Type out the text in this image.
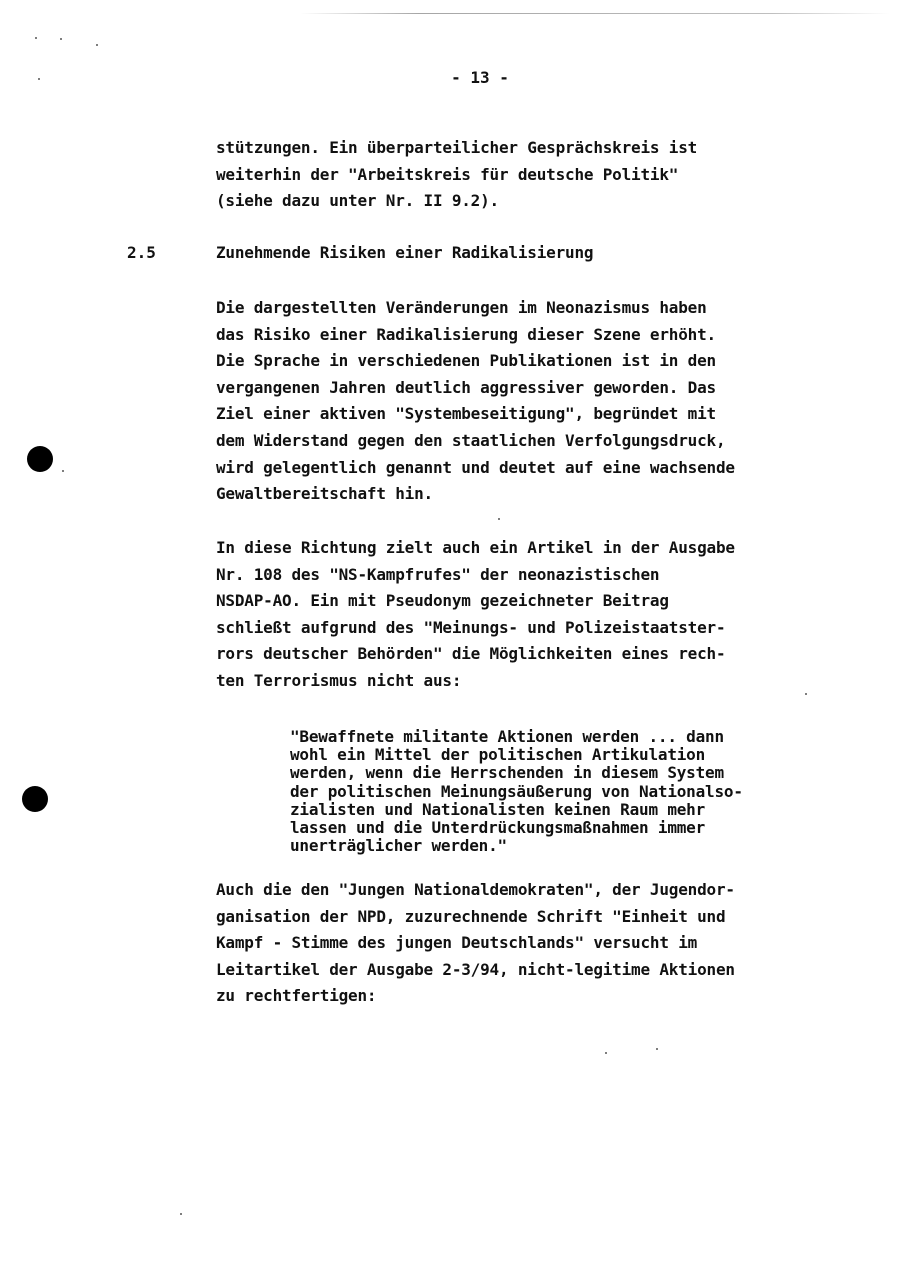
- 13 -
stützungen. Ein überparteilicher Gesprächskreis ist
weiterhin der "Arbeitskreis für deutsche Politik"
(siehe dazu unter Nr. II 9.2).
2.5	Zunehmende Risiken einer Radikalisierung
Die dargestellten Veränderungen im Neonazismus haben
das Risiko einer Radikalisierung dieser Szene erhöht.
Die Sprache in verschiedenen Publikationen ist in den
vergangenen Jahren deutlich aggressiver geworden. Das
Ziel einer aktiven "Systembeseitigung", begründet mit
dem Widerstand gegen den staatlichen Verfolgungsdruck,
wird gelegentlich genannt und deutet auf eine wachsende
Gewaltbereitschaft hin.
In diese Richtung zielt auch ein Artikel in der Ausgabe
Nr. 108 des "NS-Kampfrufes" der neonazistischen
NSDAP-AO. Ein mit Pseudonym gezeichneter Beitrag
schließt aufgrund des "Meinungs- und Polizeistaatster-
rors deutscher Behörden" die Möglichkeiten eines rech-
ten Terrorismus nicht aus:
"Bewaffnete militante Aktionen werden ... dann
wohl ein Mittel der politischen Artikulation
werden, wenn die Herrschenden in diesem System
der politischen Meinungsäußerung von Nationalso-
zialisten und Nationalisten keinen Raum mehr
lassen und die Unterdrückungsmaßnahmen immer
unerträglicher werden."
Auch die den "Jungen Nationaldemokraten", der Jugendor-
ganisation der NPD, zuzurechnende Schrift "Einheit und
Kampf - Stimme des jungen Deutschlands" versucht im
Leitartikel der Ausgabe 2-3/94, nicht-legitime Aktionen
zu rechtfertigen:
